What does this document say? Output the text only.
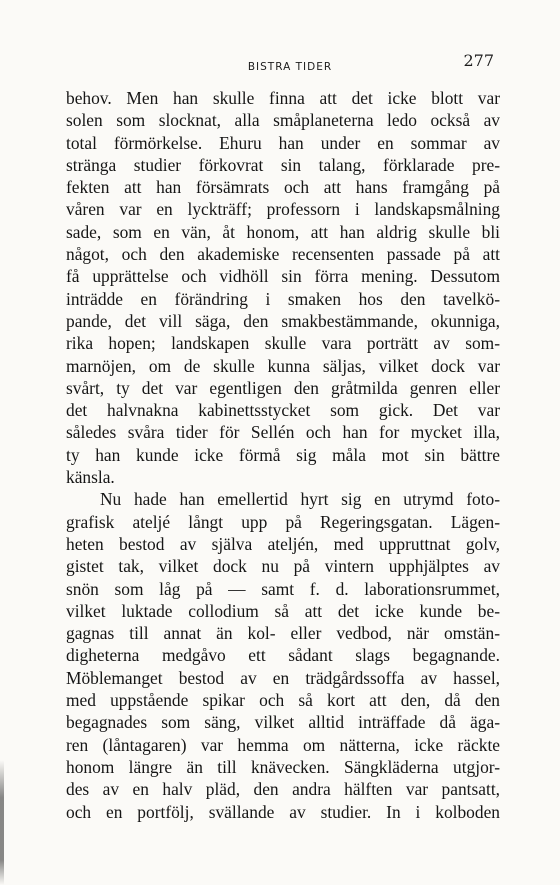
BISTRA TIDER	277
behov. Men han skulle finna att det icke blott var
solen som slocknat, alla småplaneterna ledo också av
total förmörkelse. Ehuru han under en sommar av
stränga studier förkovrat sin talang, förklarade pre-
fekten att han försämrats och att hans framgång på
våren var en lyckträff; professorn i landskapsmålning
sade, som en vän, åt honom, att han aldrig skulle bli
något, och den akademiske recensenten passade på att
få upprättelse och vidhöll sin förra mening. Dessutom
inträdde en förändring i smaken hos den tavelkö-
pande, det vill säga, den smakbestämmande, okunniga,
rika hopen; landskapen skulle vara porträtt av som-
marnöjen, om de skulle kunna säljas, vilket dock var
svårt, ty det var egentligen den gråtmilda genren eller
det halvnakna kabinettsstycket som gick. Det var
således svåra tider för Sellén och han for mycket illa,
ty han kunde icke förmå sig måla mot sin bättre
känsla.
Nu hade han emellertid hyrt sig en utrymd foto-
grafisk ateljé långt upp på Regeringsgatan. Lägen-
heten bestod av själva ateljén, med uppruttnat golv,
gistet tak, vilket dock nu på vintern upphjälptes av
snön som låg på — samt f. d. laborationsrummet,
vilket luktade collodium så att det icke kunde be-
gagnas till annat än kol- eller vedbod, när omstän-
digheterna medgåvo ett sådant slags begagnande.
Möblemanget bestod av en trädgårdssoffa av hassel,
med uppstående spikar och så kort att den, då den
begagnades som säng, vilket alltid inträffade då äga-
ren (låntagaren) var hemma om nätterna, icke räckte
honom längre än till knävecken. Sängkläderna utgjor-
des av en halv pläd, den andra hälften var pantsatt,
och en portfölj, svällande av studier. In i kolboden
